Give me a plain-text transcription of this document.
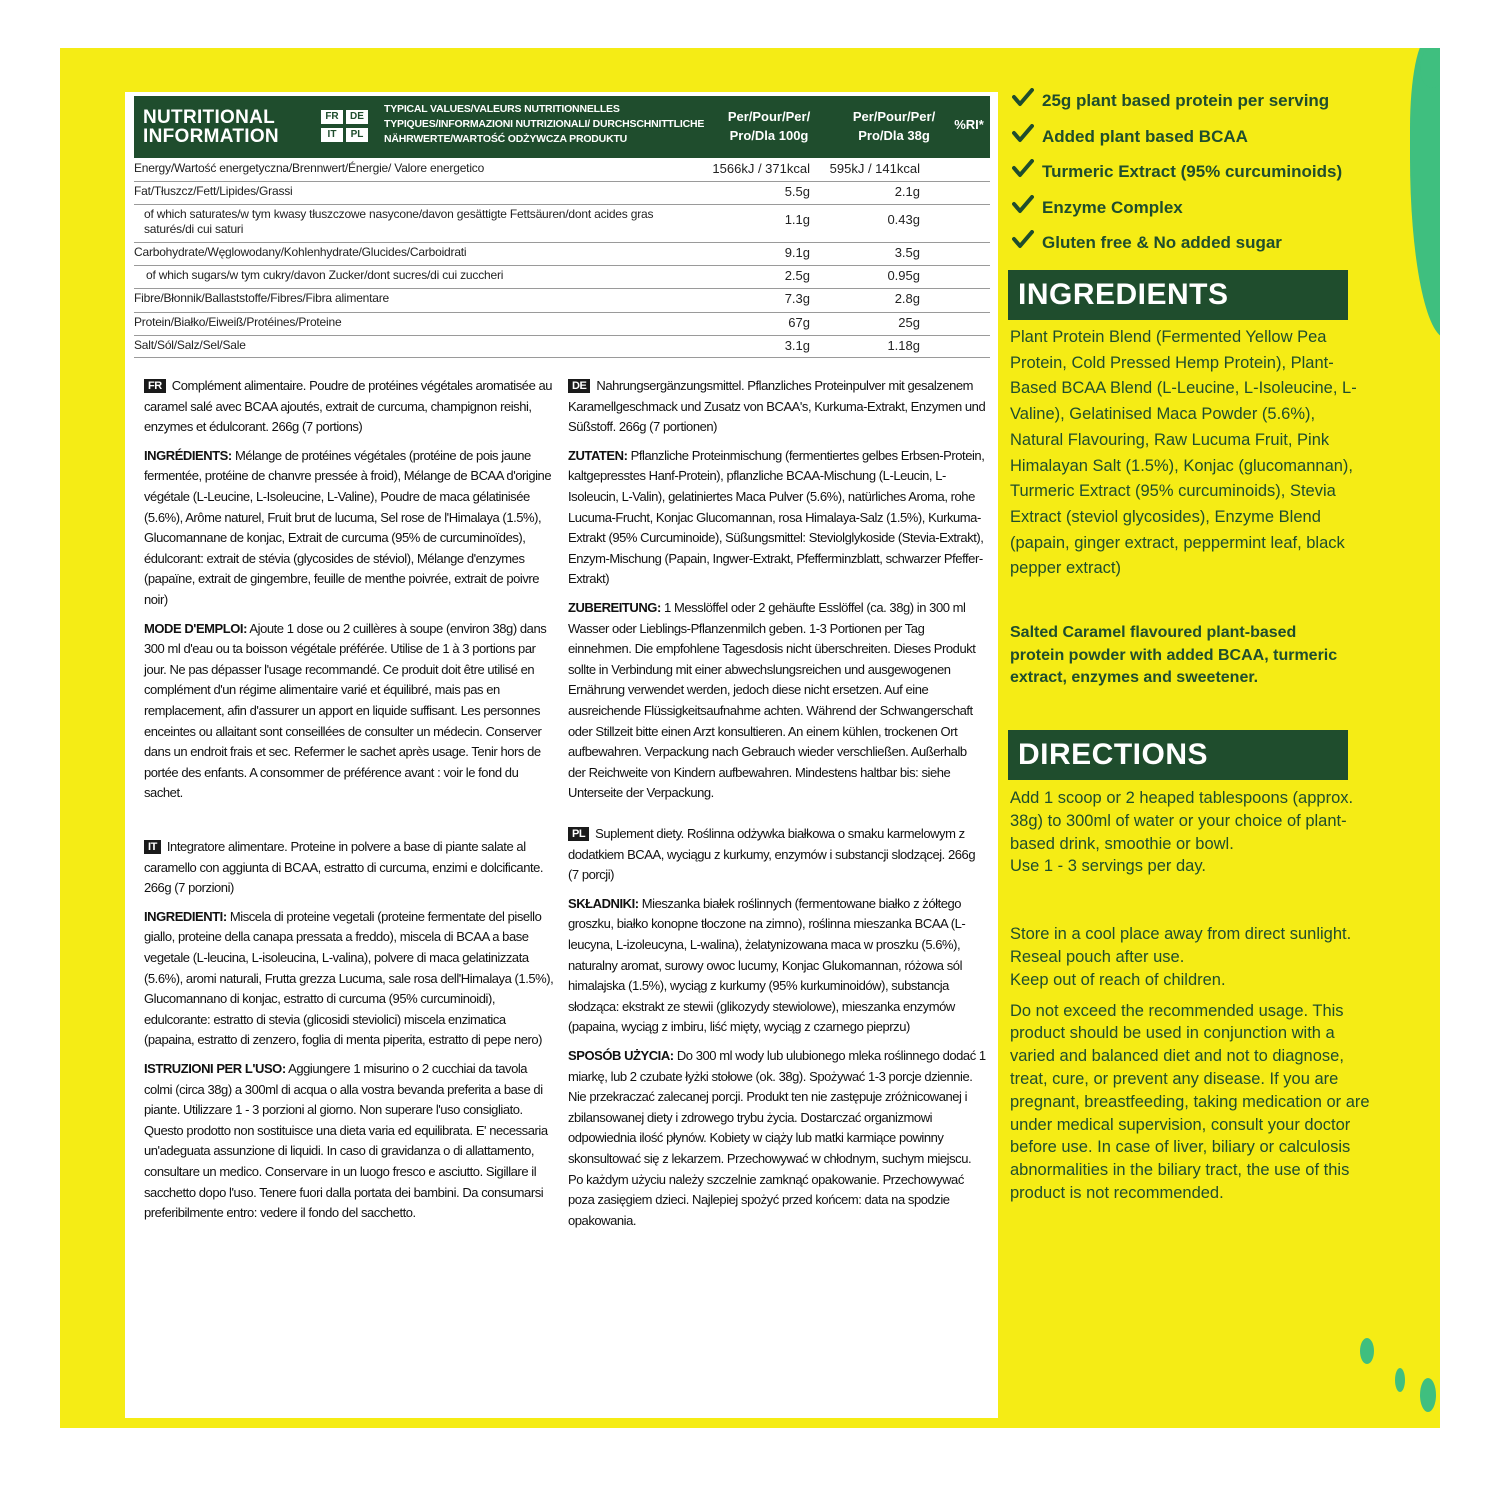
NUTRITIONAL
INFORMATION
FR	DE
IT	PL
TYPICAL VALUES/VALEURS NUTRITIONNELLES TYPIQUES/INFORMAZIONI NUTRIZIONALI/ DURCHSCHNITTLICHE NÄHRWERTE/WARTOŚĆ ODŻYWCZA PRODUKTU
Per/Pour/Per/
Pro/Dla 100g
Per/Pour/Per/
Pro/Dla 38g
%RI*
Energy/Wartość energetyczna/Brennwert/Énergie/ Valore energetico	1566kJ / 371kcal 595kJ / 141kcal
Fat/Tłuszcz/Fett/Lipides/Grassi	5.5g	2.1g
of which saturates/w tym kwasy tłuszczowe nasycone/davon gesättigte Fettsäuren/dont acides gras saturés/di cui saturi
1.1g	0.43g
Carbohydrate/Węglowodany/Kohlenhydrate/Glucides/Carboidrati	9.1g	3.5g
of which sugars/w tym cukry/davon Zucker/dont sucres/di cui zuccheri	2.5g	0.95g
Fibre/Błonnik/Ballaststoffe/Fibres/Fibra alimentare	7.3g	2.8g
Protein/Białko/Eiweiß/Protéines/Proteine	67g	25g
Salt/Sól/Salz/Sel/Sale	3.1g	1.18g

FR Complément alimentaire. Poudre de protéines végétales aromatisée au caramel salé avec BCAA ajoutés, extrait de curcuma, champignon reishi, enzymes et édulcorant. 266g (7 portions)

INGRÉDIENTS: Mélange de protéines végétales (protéine de pois jaune fermentée, protéine de chanvre pressée à froid), Mélange de BCAA d'origine végétale (L-Leucine, L-Isoleucine, L-Valine), Poudre de maca gélatinisée (5.6%), Arôme naturel, Fruit brut de lucuma, Sel rose de l'Himalaya (1.5%), Glucomannane de konjac, Extrait de curcuma (95% de curcuminoïdes), édulcorant: extrait de stévia (glycosides de stéviol), Mélange d'enzymes (papaïne, extrait de gingembre, feuille de menthe poivrée, extrait de poivre noir)

MODE D'EMPLOI: Ajoute 1 dose ou 2 cuillères à soupe (environ 38g) dans 300 ml d'eau ou ta boisson végétale préférée. Utilise de 1 à 3 portions par jour. Ne pas dépasser l'usage recommandé. Ce produit doit être utilisé en complément d'un régime alimentaire varié et équilibré, mais pas en remplacement, afin d'assurer un apport en liquide suffisant. Les personnes enceintes ou allaitant sont conseillées de consulter un médecin. Conserver dans un endroit frais et sec. Refermer le sachet après usage. Tenir hors de portée des enfants. A consommer de préférence avant : voir le fond du sachet.

IT Integratore alimentare. Proteine in polvere a base di piante salate al caramello con aggiunta di BCAA, estratto di curcuma, enzimi e dolcificante. 266g (7 porzioni)

INGREDIENTI: Miscela di proteine vegetali (proteine fermentate del pisello giallo, proteine della canapa pressata a freddo), miscela di BCAA a base vegetale (L-leucina, L-isoleucina, L-valina), polvere di maca gelatinizzata (5.6%), aromi naturali, Frutta grezza Lucuma, sale rosa dell'Himalaya (1.5%), Glucomannano di konjac, estratto di curcuma (95% curcuminoidi), edulcorante: estratto di stevia (glicosidi steviolici) miscela enzimatica (papaina, estratto di zenzero, foglia di menta piperita, estratto di pepe nero)

ISTRUZIONI PER L'USO: Aggiungere 1 misurino o 2 cucchiai da tavola colmi (circa 38g) a 300ml di acqua o alla vostra bevanda preferita a base di piante. Utilizzare 1 - 3 porzioni al giorno. Non superare l'uso consigliato. Questo prodotto non sostituisce una dieta varia ed equilibrata. E' necessaria un'adeguata assunzione di liquidi. In caso di gravidanza o di allattamento, consultare un medico. Conservare in un luogo fresco e asciutto. Sigillare il sacchetto dopo l'uso. Tenere fuori dalla portata dei bambini. Da consumarsi preferibilmente entro: vedere il fondo del sacchetto.

DE Nahrungsergänzungsmittel. Pflanzliches Proteinpulver mit gesalzenem Karamellgeschmack und Zusatz von BCAA's, Kurkuma-Extrakt, Enzymen und Süßstoff. 266g (7 portionen)

ZUTATEN: Pflanzliche Proteinmischung (fermentiertes gelbes Erbsen-Protein, kaltgepresstes Hanf-Protein), pflanzliche BCAA-Mischung (L-Leucin, L-Isoleucin, L-Valin), gelatiniertes Maca Pulver (5.6%), natürliches Aroma, rohe Lucuma-Frucht, Konjac Glucomannan, rosa Himalaya-Salz (1.5%), Kurkuma-Extrakt (95% Curcuminoide), Süßungsmittel: Steviolglykoside (Stevia-Extrakt), Enzym-Mischung (Papain, Ingwer-Extrakt, Pfefferminzblatt, schwarzer Pfeffer-Extrakt)

ZUBEREITUNG: 1 Messlöffel oder 2 gehäufte Esslöffel (ca. 38g) in 300 ml Wasser oder Lieblings-Pflanzenmilch geben. 1-3 Portionen per Tag einnehmen. Die empfohlene Tagesdosis nicht überschreiten. Dieses Produkt sollte in Verbindung mit einer abwechslungsreichen und ausgewogenen Ernährung verwendet werden, jedoch diese nicht ersetzen. Auf eine ausreichende Flüssigkeitsaufnahme achten. Während der Schwangerschaft oder Stillzeit bitte einen Arzt konsultieren. An einem kühlen, trockenen Ort aufbewahren. Verpackung nach Gebrauch wieder verschließen. Außerhalb der Reichweite von Kindern aufbewahren. Mindestens haltbar bis: siehe Unterseite der Verpackung.

PL Suplement diety. Roślinna odżywka białkowa o smaku karmelowym z dodatkiem BCAA, wyciągu z kurkumy, enzymów i substancji slodzącej. 266g (7 porcji)

SKŁADNIKI: Mieszanka białek roślinnych (fermentowane białko z żółtego groszku, białko konopne tłoczone na zimno), roślinna mieszanka BCAA (L-leucyna, L-izoleucyna, L-walina), żelatynizowana maca w proszku (5.6%), naturalny aromat, surowy owoc lucumy, Konjac Glukomannan, różowa sól himalajska (1.5%), wyciąg z kurkumy (95% kurkuminoidów), substancja słodząca: ekstrakt ze stewii (glikozydy stewiolowe), mieszanka enzymów (papaina, wyciąg z imbiru, liść mięty, wyciąg z czarnego pieprzu)

SPOSÓB UŻYCIA: Do 300 ml wody lub ulubionego mleka roślinnego dodać 1 miarkę, lub 2 czubate łyżki stołowe (ok. 38g). Spożywać 1-3 porcje dziennie. Nie przekraczać zalecanej porcji. Produkt ten nie zastępuje zróżnicowanej i zbilansowanej diety i zdrowego trybu życia. Dostarczać organizmowi odpowiednia ilość płynów. Kobiety w ciąży lub matki karmiące powinny skonsultować się z lekarzem. Przechowywać w chłodnym, suchym miejscu. Po każdym użyciu należy szczelnie zamknąć opakowanie. Przechowywać poza zasięgiem dzieci. Najlepiej spożyć przed końcem: data na spodzie opakowania.

25g plant based protein per serving
Added plant based BCAA
Turmeric Extract (95% curcuminoids)
Enzyme Complex
Gluten free & No added sugar
INGREDIENTS

Plant Protein Blend (Fermented Yellow Pea Protein, Cold Pressed Hemp Protein), Plant-Based BCAA Blend (L-Leucine, L-Isoleucine, L-Valine), Gelatinised Maca Powder (5.6%), Natural Flavouring, Raw Lucuma Fruit, Pink Himalayan Salt (1.5%), Konjac (glucomannan), Turmeric Extract (95% curcuminoids), Stevia Extract (steviol glycosides), Enzyme Blend (papain, ginger extract, peppermint leaf, black pepper extract)

Salted Caramel flavoured plant-based protein powder with added BCAA, turmeric extract, enzymes and sweetener.

DIRECTIONS

Add 1 scoop or 2 heaped tablespoons (approx. 38g) to 300ml of water or your choice of plant-based drink, smoothie or bowl.

Use 1 - 3 servings per day.

Store in a cool place away from direct sunlight. Reseal pouch after use.

Keep out of reach of children.

Do not exceed the recommended usage. This product should be used in conjunction with a varied and balanced diet and not to diagnose, treat, cure, or prevent any disease. If you are pregnant, breastfeeding, taking medication or are under medical supervision, consult your doctor before use. In case of liver, biliary or calculosis abnormalities in the biliary tract, the use of this product is not recommended.
